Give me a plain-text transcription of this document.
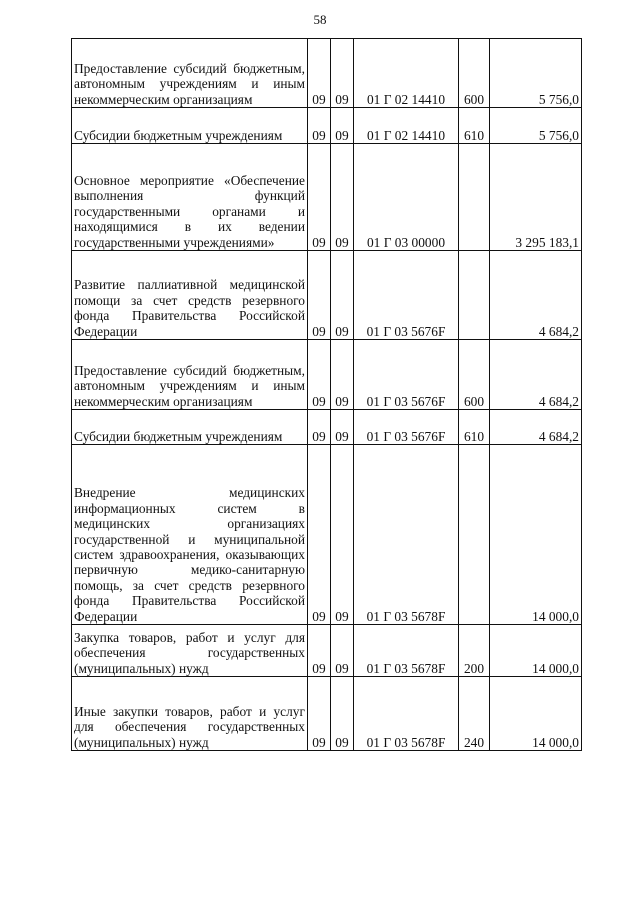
58
Предоставление субсидий бюджетным, автономным учреждениям и иным некоммерческим организациям	09	09	01 Г 02 14410	600	5 756,0

Субсидии бюджетным учреждениям	09	09	01 Г 02 14410	610	5 756,0

Основное мероприятие «Обеспечение выполнения функций государственными органами и находящимися в их ведении государственными учреждениями»	09	09	01 Г 03 00000		3 295 183,1

Развитие паллиативной медицинской помощи за счет средств резервного фонда Правительства Российской Федерации	09	09	01 Г 03 5676F		4 684,2

Предоставление субсидий бюджетным, автономным учреждениям и иным некоммерческим организациям	09	09	01 Г 03 5676F	600	4 684,2

Субсидии бюджетным учреждениям	09	09	01 Г 03 5676F	610	4 684,2

Внедрение медицинских информационных систем в медицинских организациях государственной и муниципальной систем здравоохранения, оказывающих первичную медико-санитарную помощь, за счет средств резервного фонда Правительства Российской Федерации	09	09	01 Г 03 5678F		14 000,0

Закупка товаров, работ и услуг для обеспечения государственных (муниципальных) нужд	09	09	01 Г 03 5678F	200	14 000,0

Иные закупки товаров, работ и услуг для обеспечения государственных (муниципальных) нужд	09	09	01 Г 03 5678F	240	14 000,0
